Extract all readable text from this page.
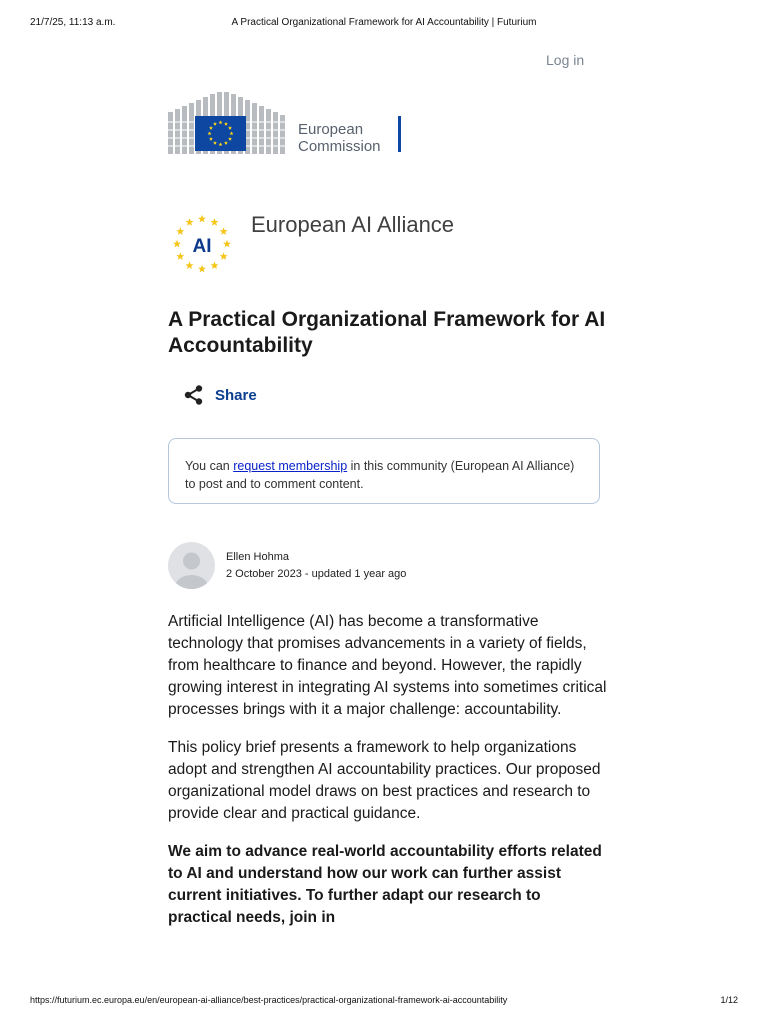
21/7/25, 11:13 a.m.	A Practical Organizational Framework for AI Accountability | Futurium
Log in
European
Commission
AI
European AI Alliance
A Practical Organizational Framework for AI Accountability
Share
You can request membership in this community (European AI Alliance) to post and to comment content.
Ellen Hohma
2 October 2023 - updated 1 year ago

Artificial Intelligence (AI) has become a transformative technology that promises advancements in a variety of fields, from healthcare to finance and beyond. However, the rapidly growing interest in integrating AI systems into sometimes critical processes brings with it a major challenge: accountability.

This policy brief presents a framework to help organizations adopt and strengthen AI accountability practices. Our proposed organizational model draws on best practices and research to provide clear and practical guidance.

We aim to advance real-world accountability efforts related to AI and understand how our work can further assist current initiatives. To further adapt our research to practical needs, join in

https://futurium.ec.europa.eu/en/european-ai-alliance/best-practices/practical-organizational-framework-ai-accountability	1/12
